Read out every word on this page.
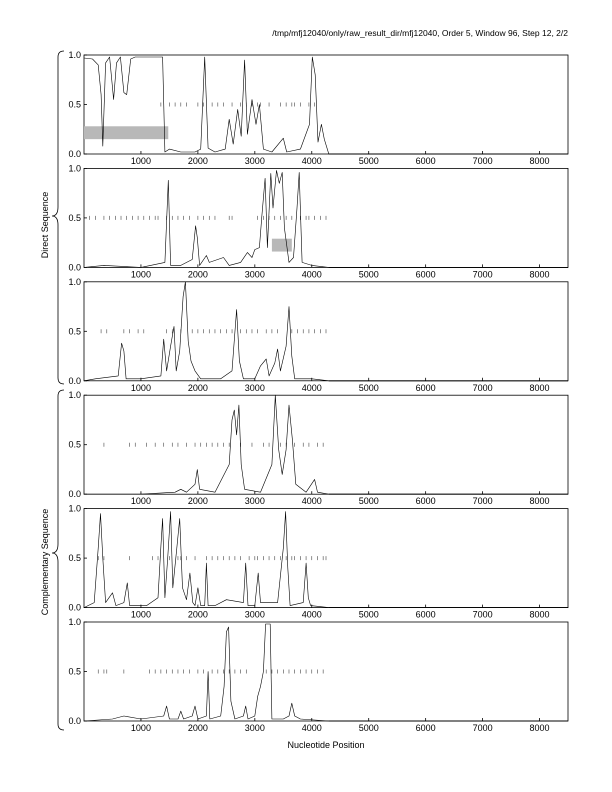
/tmp/mfj12040/only/raw_result_dir/mfj12040, Order 5, Window 96, Step 12, 2/2
0.0
0.5
1.0
1000	2000	3000	4000	5000	6000	7000	8000
0.0
0.5
1.0
1000	2000	3000	4000	5000	6000	7000	8000
0.0
0.5
1.0
1000	2000	3000	4000	5000	6000	7000	8000
0.0
0.5
1.0
1000	2000	3000	4000	5000	6000	7000	8000
0.0
0.5
1.0
1000	2000	3000	4000	5000	6000	7000	8000
0.0
0.5
1.0
1000	2000	3000	4000	5000	6000	7000	8000
Direct Sequence
Complementary Sequence
Nucleotide Position
